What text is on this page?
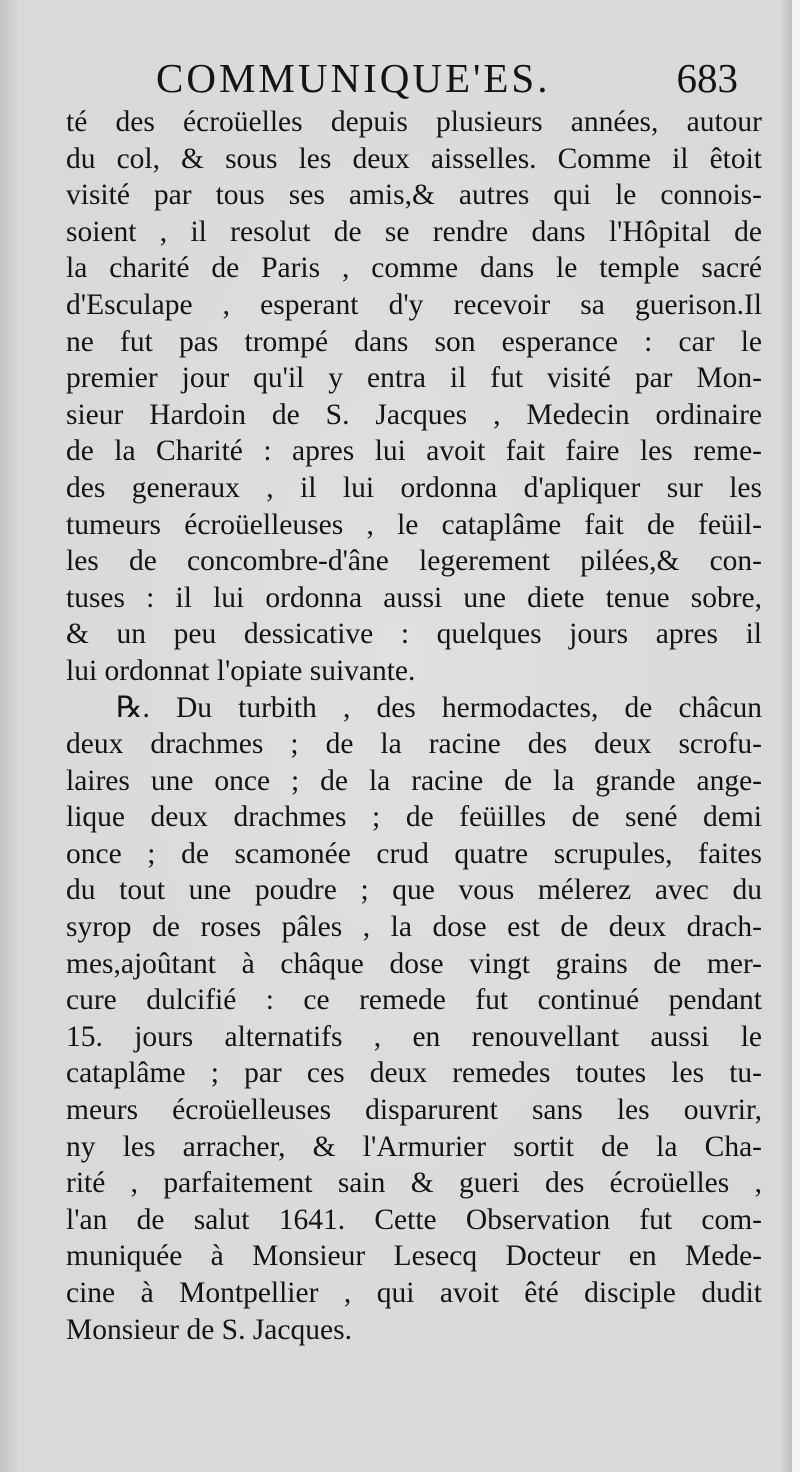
COMMUNIQUE'ES.	683
té des écroüelles depuis plusieurs années, autour
du col, & sous les deux aisselles. Comme il êtoit
visité par tous ses amis,& autres qui le connois-
soient , il resolut de se rendre dans l'Hôpital de
la charité de Paris , comme dans le temple sacré
d'Esculape , esperant d'y recevoir sa guerison.Il
ne fut pas trompé dans son esperance : car le
premier jour qu'il y entra il fut visité par Mon-
sieur Hardoin de S. Jacques , Medecin ordinaire
de la Charité : apres lui avoit fait faire les reme-
des generaux , il lui ordonna d'apliquer sur les
tumeurs écroüelleuses , le cataplâme fait de feüil-
les de concombre-d'âne legerement pilées,& con-
tuses : il lui ordonna aussi une diete tenue sobre,
& un peu dessicative : quelques jours apres il
lui ordonnat l'opiate suivante.
℞. Du turbith , des hermodactes, de châcun
deux drachmes ; de la racine des deux scrofu-
laires une once ; de la racine de la grande ange-
lique deux drachmes ; de feüilles de sené demi
once ; de scamonée crud quatre scrupules, faites
du tout une poudre ; que vous mélerez avec du
syrop de roses pâles , la dose est de deux drach-
mes,ajoûtant à châque dose vingt grains de mer-
cure dulcifié : ce remede fut continué pendant
15. jours alternatifs , en renouvellant aussi le
cataplâme ; par ces deux remedes toutes les tu-
meurs écroüelleuses disparurent sans les ouvrir,
ny les arracher, & l'Armurier sortit de la Cha-
rité , parfaitement sain & gueri des écroüelles ,
l'an de salut 1641. Cette Observation fut com-
muniquée à Monsieur Lesecq Docteur en Mede-
cine à Montpellier , qui avoit êté disciple dudit
Monsieur de S. Jacques.
